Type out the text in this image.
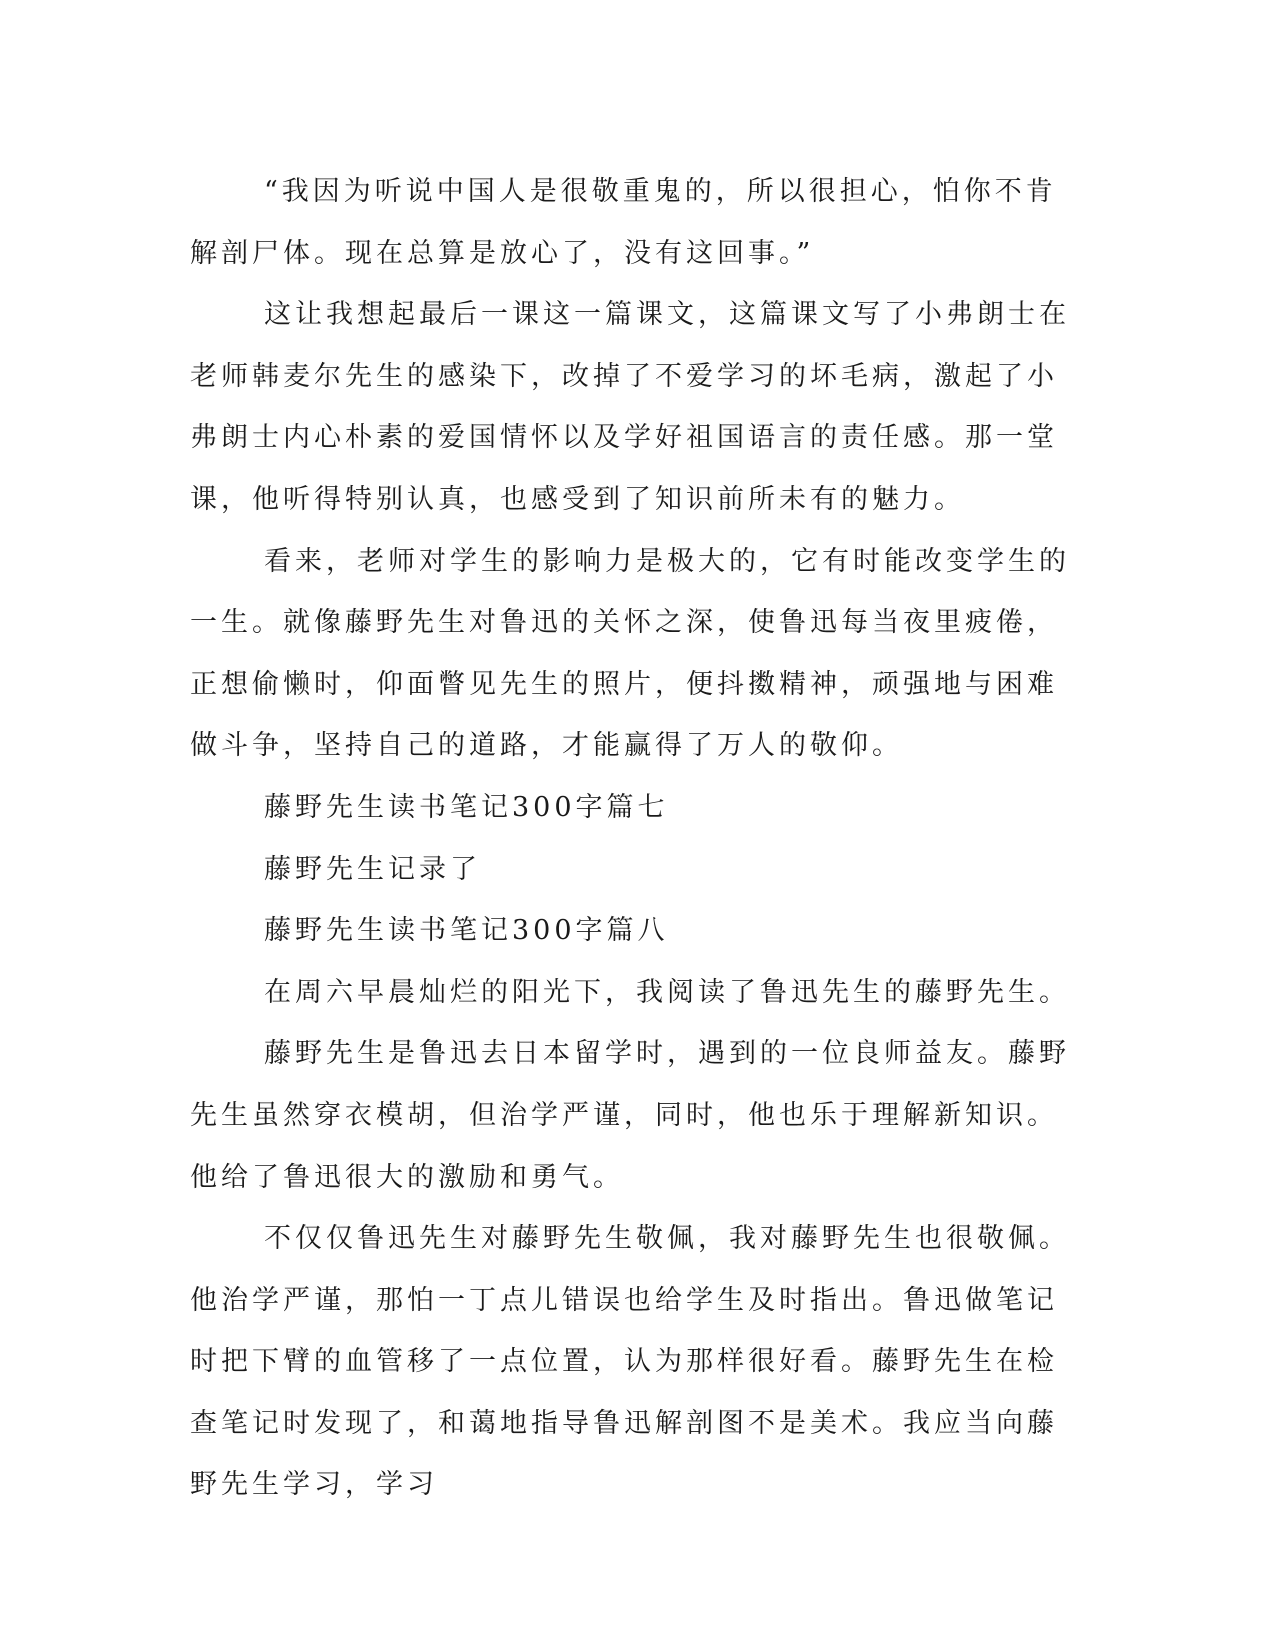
“我因为听说中国人是很敬重鬼的，所以很担心，怕你不肯解剖尸体。现在总算是放心了，没有这回事。”

这让我想起最后一课这一篇课文，这篇课文写了小弗朗士在老师韩麦尔先生的感染下，改掉了不爱学习的坏毛病，激起了小弗朗士内心朴素的爱国情怀以及学好祖国语言的责任感。那一堂课，他听得特别认真，也感受到了知识前所未有的魅力。

看来，老师对学生的影响力是极大的，它有时能改变学生的一生。就像藤野先生对鲁迅的关怀之深，使鲁迅每当夜里疲倦，正想偷懒时，仰面瞥见先生的照片，便抖擞精神，顽强地与困难做斗争，坚持自己的道路，才能赢得了万人的敬仰。

藤野先生读书笔记300字篇七

藤野先生记录了

藤野先生读书笔记300字篇八

在周六早晨灿烂的阳光下，我阅读了鲁迅先生的藤野先生。

藤野先生是鲁迅去日本留学时，遇到的一位良师益友。藤野先生虽然穿衣模胡，但治学严谨，同时，他也乐于理解新知识。他给了鲁迅很大的激励和勇气。

不仅仅鲁迅先生对藤野先生敬佩，我对藤野先生也很敬佩。他治学严谨，那怕一丁点儿错误也给学生及时指出。鲁迅做笔记时把下臂的血管移了一点位置，认为那样很好看。藤野先生在检查笔记时发现了，和蔼地指导鲁迅解剖图不是美术。我应当向藤野先生学习，学习
